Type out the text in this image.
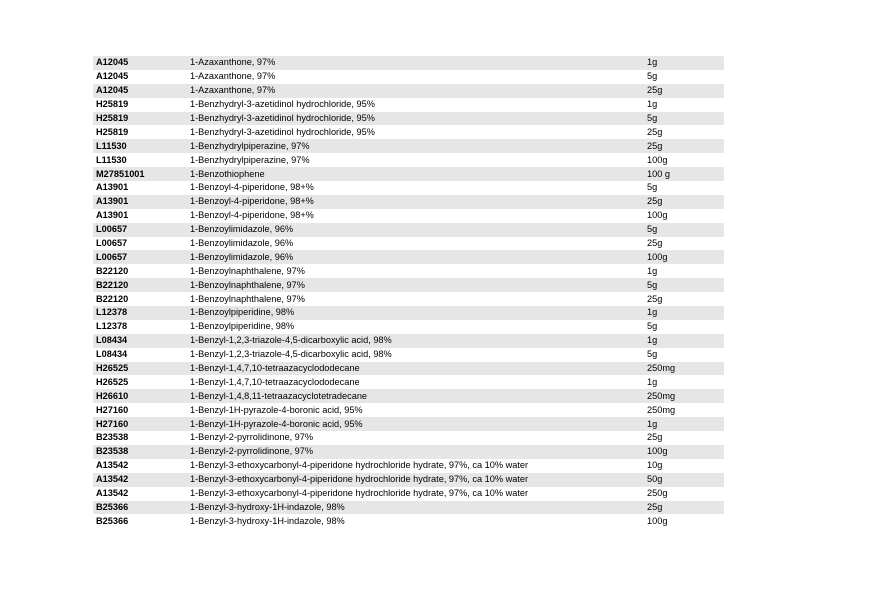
A12045	1-Azaxanthone, 97%	1g
A12045	1-Azaxanthone, 97%	5g
A12045	1-Azaxanthone, 97%	25g
H25819	1-Benzhydryl-3-azetidinol hydrochloride, 95%	1g
H25819	1-Benzhydryl-3-azetidinol hydrochloride, 95%	5g
H25819	1-Benzhydryl-3-azetidinol hydrochloride, 95%	25g
L11530	1-Benzhydrylpiperazine, 97%	25g
L11530	1-Benzhydrylpiperazine, 97%	100g
M27851001	1-Benzothiophene	100 g
A13901	1-Benzoyl-4-piperidone, 98+%	5g
A13901	1-Benzoyl-4-piperidone, 98+%	25g
A13901	1-Benzoyl-4-piperidone, 98+%	100g
L00657	1-Benzoylimidazole, 96%	5g
L00657	1-Benzoylimidazole, 96%	25g
L00657	1-Benzoylimidazole, 96%	100g
B22120	1-Benzoylnaphthalene, 97%	1g
B22120	1-Benzoylnaphthalene, 97%	5g
B22120	1-Benzoylnaphthalene, 97%	25g
L12378	1-Benzoylpiperidine, 98%	1g
L12378	1-Benzoylpiperidine, 98%	5g
L08434	1-Benzyl-1,2,3-triazole-4,5-dicarboxylic acid, 98%	1g
L08434	1-Benzyl-1,2,3-triazole-4,5-dicarboxylic acid, 98%	5g
H26525	1-Benzyl-1,4,7,10-tetraazacyclododecane	250mg
H26525	1-Benzyl-1,4,7,10-tetraazacyclododecane	1g
H26610	1-Benzyl-1,4,8,11-tetraazacyclotetradecane	250mg
H27160	1-Benzyl-1H-pyrazole-4-boronic acid, 95%	250mg
H27160	1-Benzyl-1H-pyrazole-4-boronic acid, 95%	1g
B23538	1-Benzyl-2-pyrrolidinone, 97%	25g
B23538	1-Benzyl-2-pyrrolidinone, 97%	100g
A13542	1-Benzyl-3-ethoxycarbonyl-4-piperidone hydrochloride hydrate, 97%, ca 10% water	10g
A13542	1-Benzyl-3-ethoxycarbonyl-4-piperidone hydrochloride hydrate, 97%, ca 10% water	50g
A13542	1-Benzyl-3-ethoxycarbonyl-4-piperidone hydrochloride hydrate, 97%, ca 10% water	250g
B25366	1-Benzyl-3-hydroxy-1H-indazole, 98%	25g
B25366	1-Benzyl-3-hydroxy-1H-indazole, 98%	100g
